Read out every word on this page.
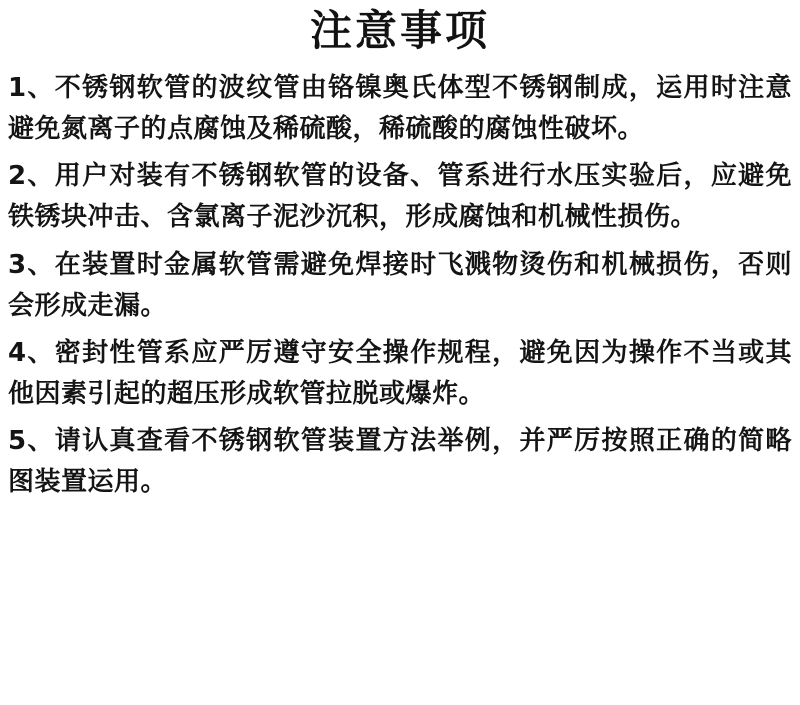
注意事项

1、不锈钢软管的波纹管由铬镍奥氏体型不锈钢制成，运用时注意避免氮离子的点腐蚀及稀硫酸，稀硫酸的腐蚀性破坏。

2、用户对装有不锈钢软管的设备、管系进行水压实验后，应避免铁锈块冲击、含氯离子泥沙沉积，形成腐蚀和机械性损伤。

3、在装置时金属软管需避免焊接时飞溅物烫伤和机械损伤，否则会形成走漏。

4、密封性管系应严厉遵守安全操作规程，避免因为操作不当或其他因素引起的超压形成软管拉脱或爆炸。

5、请认真查看不锈钢软管装置方法举例，并严厉按照正确的简略图装置运用。
